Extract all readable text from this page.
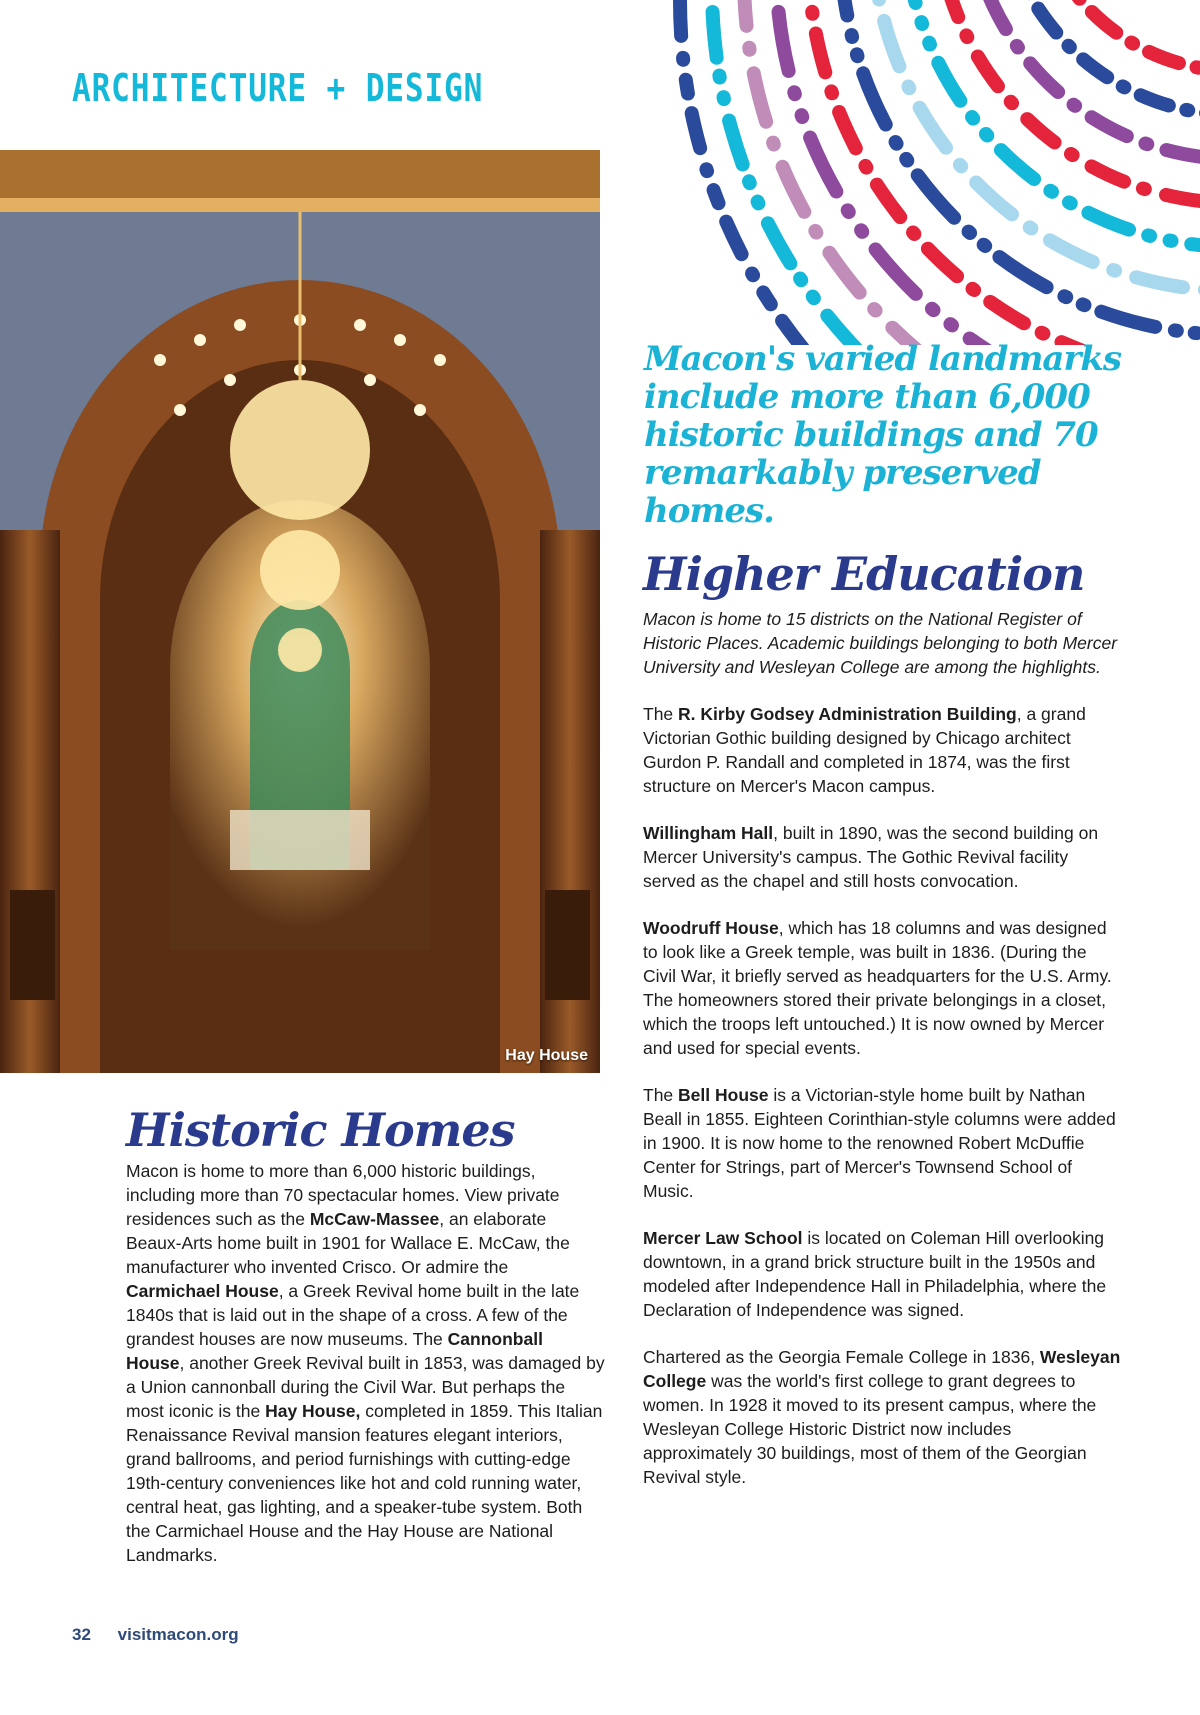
ARCHITECTURE + DESIGN
Hay House

Macon's varied landmarks include more than 6,000 historic buildings and 70 remarkably preserved homes.

Historic Homes

Macon is home to more than 6,000 historic buildings, including more than 70 spectacular homes. View private residences such as the McCaw-Massee, an elaborate Beaux-Arts home built in 1901 for Wallace E. McCaw, the manufacturer who invented Crisco. Or admire the Carmichael House, a Greek Revival home built in the late 1840s that is laid out in the shape of a cross. A few of the grandest houses are now museums. The Cannonball House, another Greek Revival built in 1853, was damaged by a Union cannonball during the Civil War. But perhaps the most iconic is the Hay House, completed in 1859. This Italian Renaissance Revival mansion features elegant interiors, grand ballrooms, and period furnishings with cutting-edge 19th-century conveniences like hot and cold running water, central heat, gas lighting, and a speaker-tube system. Both the Carmichael House and the Hay House are National Landmarks.

Higher Education

Macon is home to 15 districts on the National Register of Historic Places. Academic buildings belonging to both Mercer University and Wesleyan College are among the highlights.

The R. Kirby Godsey Administration Building, a grand Victorian Gothic building designed by Chicago architect Gurdon P. Randall and completed in 1874, was the first structure on Mercer's Macon campus.

Willingham Hall, built in 1890, was the second building on Mercer University's campus. The Gothic Revival facility served as the chapel and still hosts convocation.

Woodruff House, which has 18 columns and was designed to look like a Greek temple, was built in 1836. (During the Civil War, it briefly served as headquarters for the U.S. Army. The homeowners stored their private belongings in a closet, which the troops left untouched.) It is now owned by Mercer and used for special events.

The Bell House is a Victorian-style home built by Nathan Beall in 1855. Eighteen Corinthian-style columns were added in 1900. It is now home to the renowned Robert McDuffie Center for Strings, part of Mercer's Townsend School of Music.

Mercer Law School is located on Coleman Hill overlooking downtown, in a grand brick structure built in the 1950s and modeled after Independence Hall in Philadelphia, where the Declaration of Independence was signed.

Chartered as the Georgia Female College in 1836, Wesleyan College was the world's first college to grant degrees to women. In 1928 it moved to its present campus, where the Wesleyan College Historic District now includes approximately 30 buildings, most of them of the Georgian Revival style.

32 visitmacon.org
